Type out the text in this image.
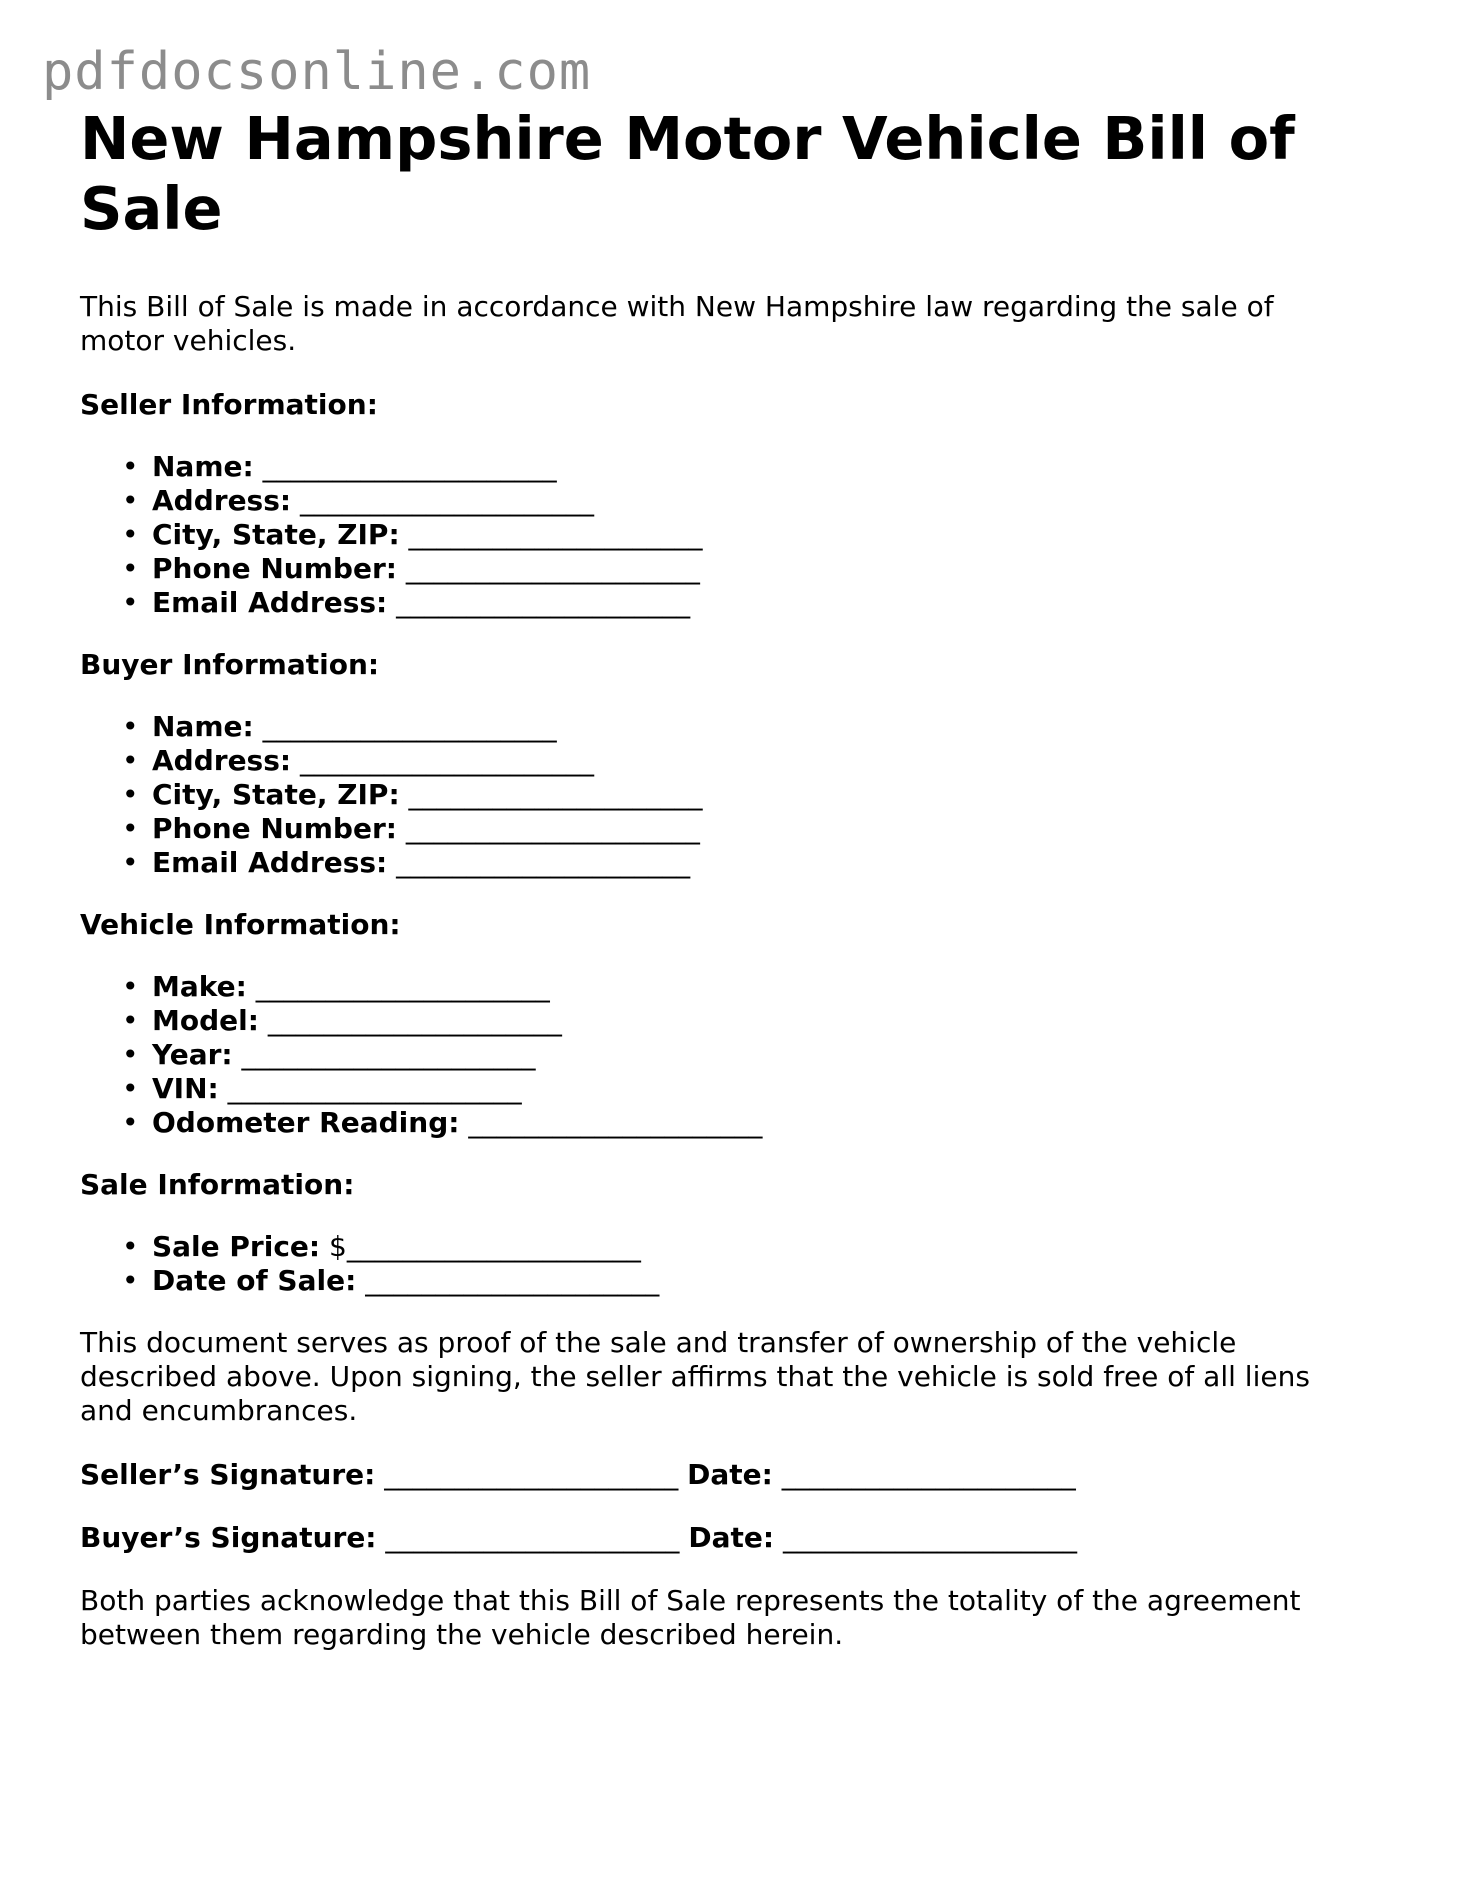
pdfdocsonline.com
New Hampshire Motor Vehicle Bill of Sale

This Bill of Sale is made in accordance with New Hampshire law regarding the sale of motor vehicles.

Seller Information:
• Name: _____________________
• Address: _____________________
• City, State, ZIP: _____________________
• Phone Number: _____________________
• Email Address: _____________________
Buyer Information:
• Name: _____________________
• Address: _____________________
• City, State, ZIP: _____________________
• Phone Number: _____________________
• Email Address: _____________________
Vehicle Information:
• Make: _____________________
• Model: _____________________
• Year: _____________________
• VIN: _____________________
• Odometer Reading: _____________________
Sale Information:
• Sale Price: $_____________________
• Date of Sale: _____________________

This document serves as proof of the sale and transfer of ownership of the vehicle described above. Upon signing, the seller affirms that the vehicle is sold free of all liens and encumbrances.

Seller’s Signature: _____________________ Date: _____________________
Buyer’s Signature: _____________________ Date: _____________________

Both parties acknowledge that this Bill of Sale represents the totality of the agreement between them regarding the vehicle described herein.
